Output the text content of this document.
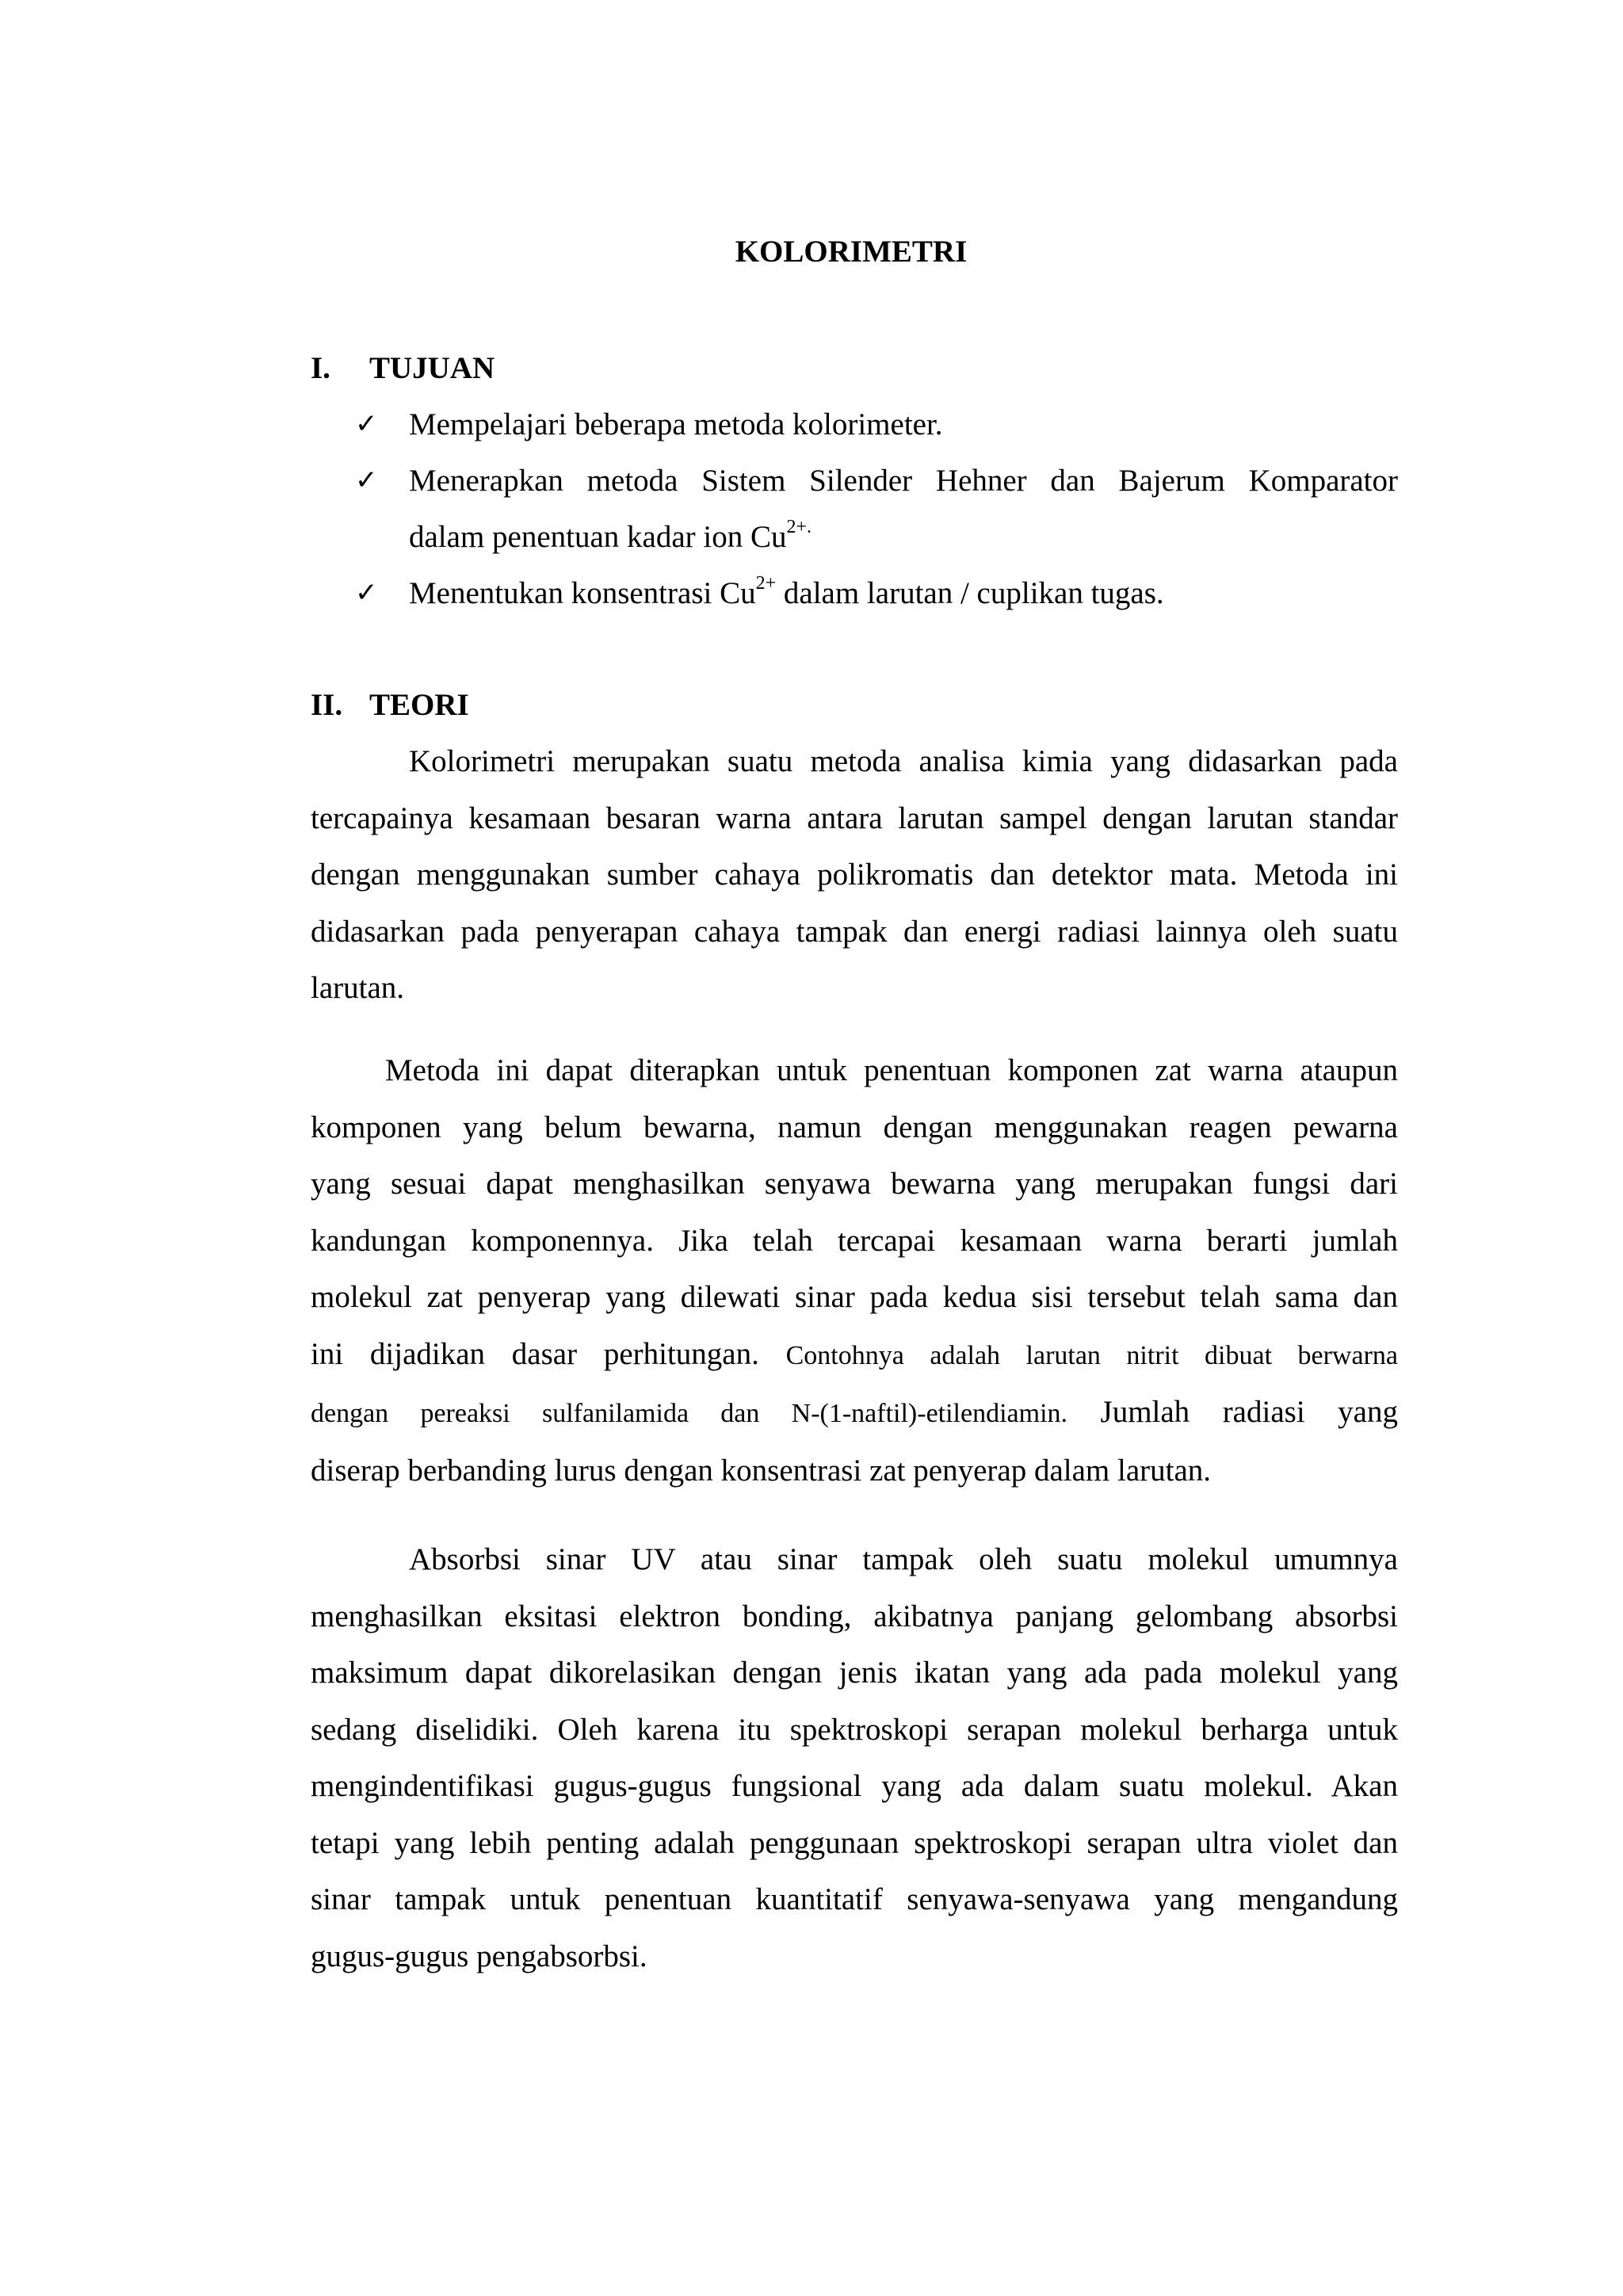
KOLORIMETRI
I. TUJUAN
✓ Mempelajari beberapa metoda kolorimeter.
✓ Menerapkan metoda Sistem Silender Hehner dan Bajerum Komparator
dalam penentuan kadar ion $Cu^{2+.}$
✓ Menentukan konsentrasi $Cu^{2+}$ dalam larutan / cuplikan tugas.
II. TEORI
Kolorimetri merupakan suatu metoda analisa kimia yang didasarkan pada
tercapainya kesamaan besaran warna antara larutan sampel dengan larutan standar
dengan menggunakan sumber cahaya polikromatis dan detektor mata. Metoda ini
didasarkan pada penyerapan cahaya tampak dan energi radiasi lainnya oleh suatu
larutan.
Metoda ini dapat diterapkan untuk penentuan komponen zat warna ataupun
komponen yang belum bewarna, namun dengan menggunakan reagen pewarna
yang sesuai dapat menghasilkan senyawa bewarna yang merupakan fungsi dari
kandungan komponennya. Jika telah tercapai kesamaan warna berarti jumlah
molekul zat penyerap yang dilewati sinar pada kedua sisi tersebut telah sama dan
ini dijadikan dasar perhitungan. Contohnya adalah larutan nitrit dibuat berwarna
dengan pereaksi sulfanilamida dan N-(1-naftil)-etilendiamin. Jumlah radiasi yang
diserap berbanding lurus dengan konsentrasi zat penyerap dalam larutan.
Absorbsi sinar UV atau sinar tampak oleh suatu molekul umumnya
menghasilkan eksitasi elektron bonding, akibatnya panjang gelombang absorbsi
maksimum dapat dikorelasikan dengan jenis ikatan yang ada pada molekul yang
sedang diselidiki. Oleh karena itu spektroskopi serapan molekul berharga untuk
mengindentifikasi gugus-gugus fungsional yang ada dalam suatu molekul. Akan
tetapi yang lebih penting adalah penggunaan spektroskopi serapan ultra violet dan
sinar tampak untuk penentuan kuantitatif senyawa-senyawa yang mengandung
gugus-gugus pengabsorbsi.
